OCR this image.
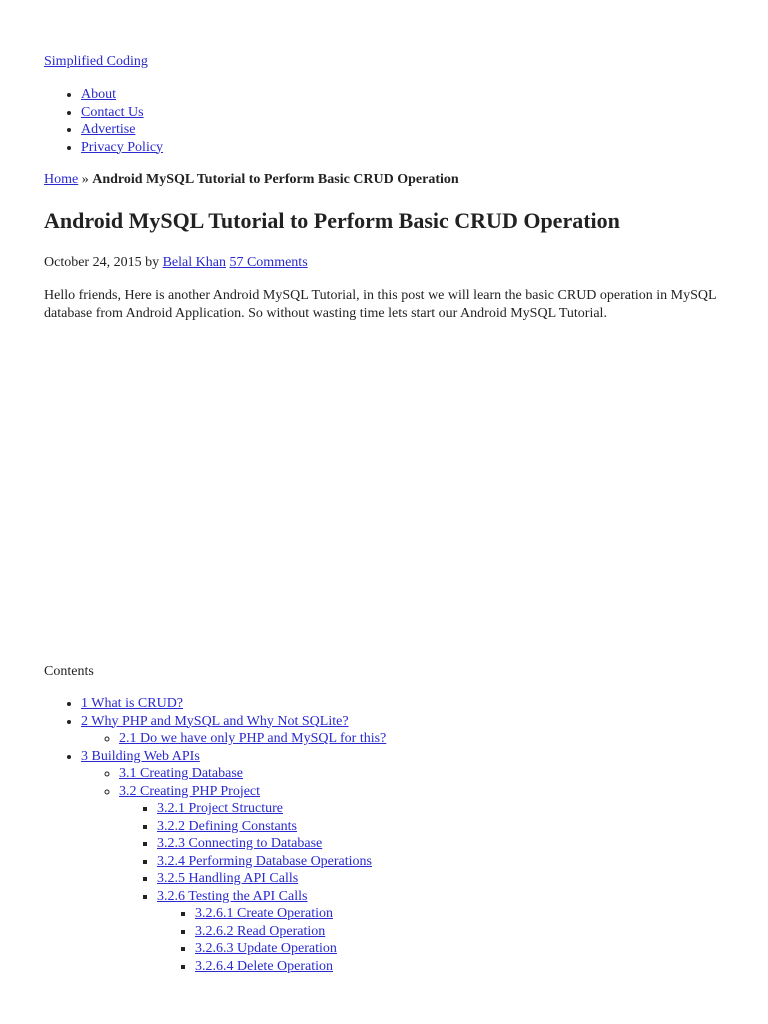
Simplified Coding
• About
• Contact Us
• Advertise
• Privacy Policy
Home » Android MySQL Tutorial to Perform Basic CRUD Operation
Android MySQL Tutorial to Perform Basic CRUD Operation
October 24, 2015 by Belal Khan 57 Comments

Hello friends, Here is another Android MySQL Tutorial, in this post we will learn the basic CRUD operation in MySQL database from Android Application. So without wasting time lets start our Android MySQL Tutorial.

Contents
• 1 What is CRUD?
• 2 Why PHP and MySQL and Why Not SQLite?
◦ 2.1 Do we have only PHP and MySQL for this?
• 3 Building Web APIs
◦ 3.1 Creating Database
◦ 3.2 Creating PHP Project
▪ 3.2.1 Project Structure
▪ 3.2.2 Defining Constants
▪ 3.2.3 Connecting to Database
▪ 3.2.4 Performing Database Operations
▪ 3.2.5 Handling API Calls
▪ 3.2.6 Testing the API Calls
▪ 3.2.6.1 Create Operation
▪ 3.2.6.2 Read Operation
▪ 3.2.6.3 Update Operation
▪ 3.2.6.4 Delete Operation
